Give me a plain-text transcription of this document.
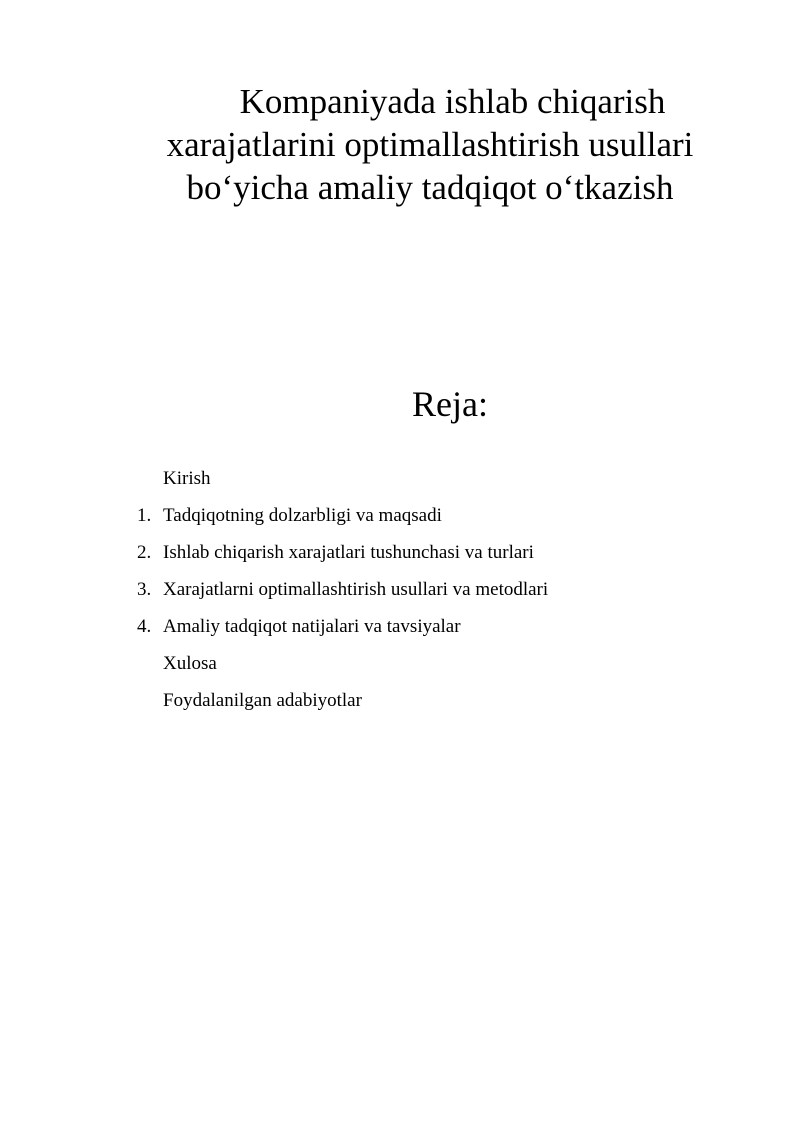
Kompaniyada ishlab chiqarish
xarajatlarini optimallashtirish usullari
bo‘yicha amaliy tadqiqot o‘tkazish
Reja:
Kirish
1. Tadqiqotning dolzarbligi va maqsadi
2. Ishlab chiqarish xarajatlari tushunchasi va turlari
3. Xarajatlarni optimallashtirish usullari va metodlari
4. Amaliy tadqiqot natijalari va tavsiyalar
Xulosa
Foydalanilgan adabiyotlar
